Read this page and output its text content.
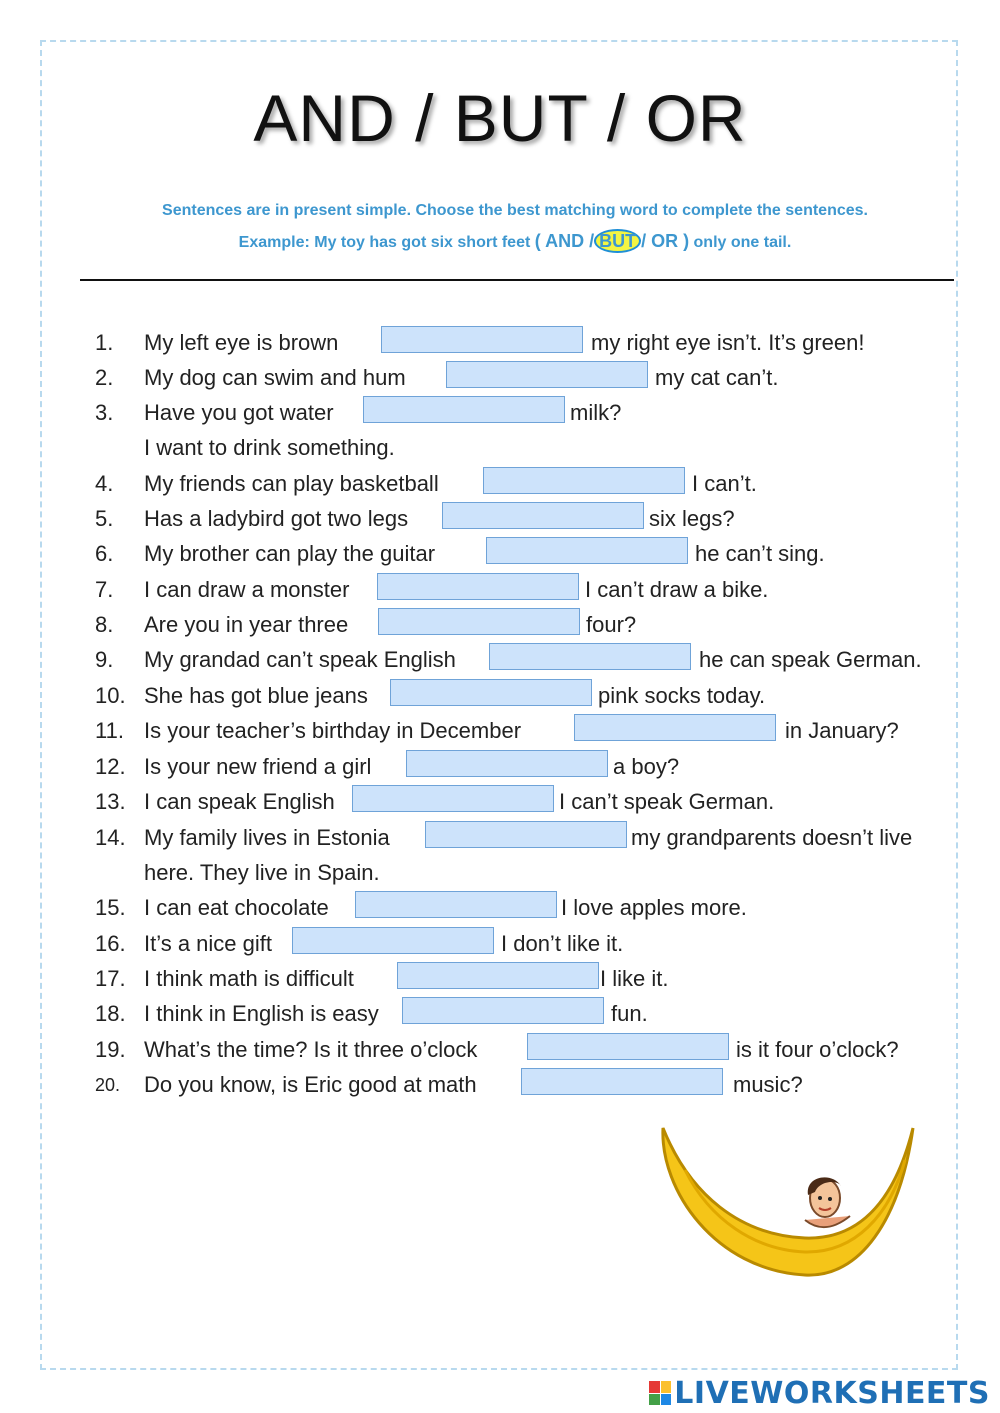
AND / BUT / OR
Sentences are in present simple. Choose the best matching word to complete the sentences.
Example: My toy has got six short feet ( AND / BUT / OR ) only one tail.
1. My left eye is brown	my right eye isn’t. It’s green!
2. My dog can swim and hum	my cat can’t.
3. Have you got water	milk?
I want to drink something.
4. My friends can play basketball	I can’t.
5. Has a ladybird got two legs	six legs?
6. My brother can play the guitar	he can’t sing.
7. I can draw a monster	I can’t draw a bike.
8. Are you in year three	four?
9. My grandad can’t speak English	he can speak German.
10. She has got blue jeans	pink socks today.
11. Is your teacher’s birthday in December	in January?
12. Is your new friend a girl	a boy?
13. I can speak English	I can’t speak German.
14. My family lives in Estonia	my grandparents doesn’t live
here. They live in Spain.
15. I can eat chocolate	I love apples more.
16. It’s a nice gift	I don’t like it.
17. I think math is difficult	I like it.
18. I think in English is easy	fun.
19. What’s the time? Is it three o’clock	is it four o’clock?
20. Do you know, is Eric good at math	music?
LIVEWORKSHEETS
